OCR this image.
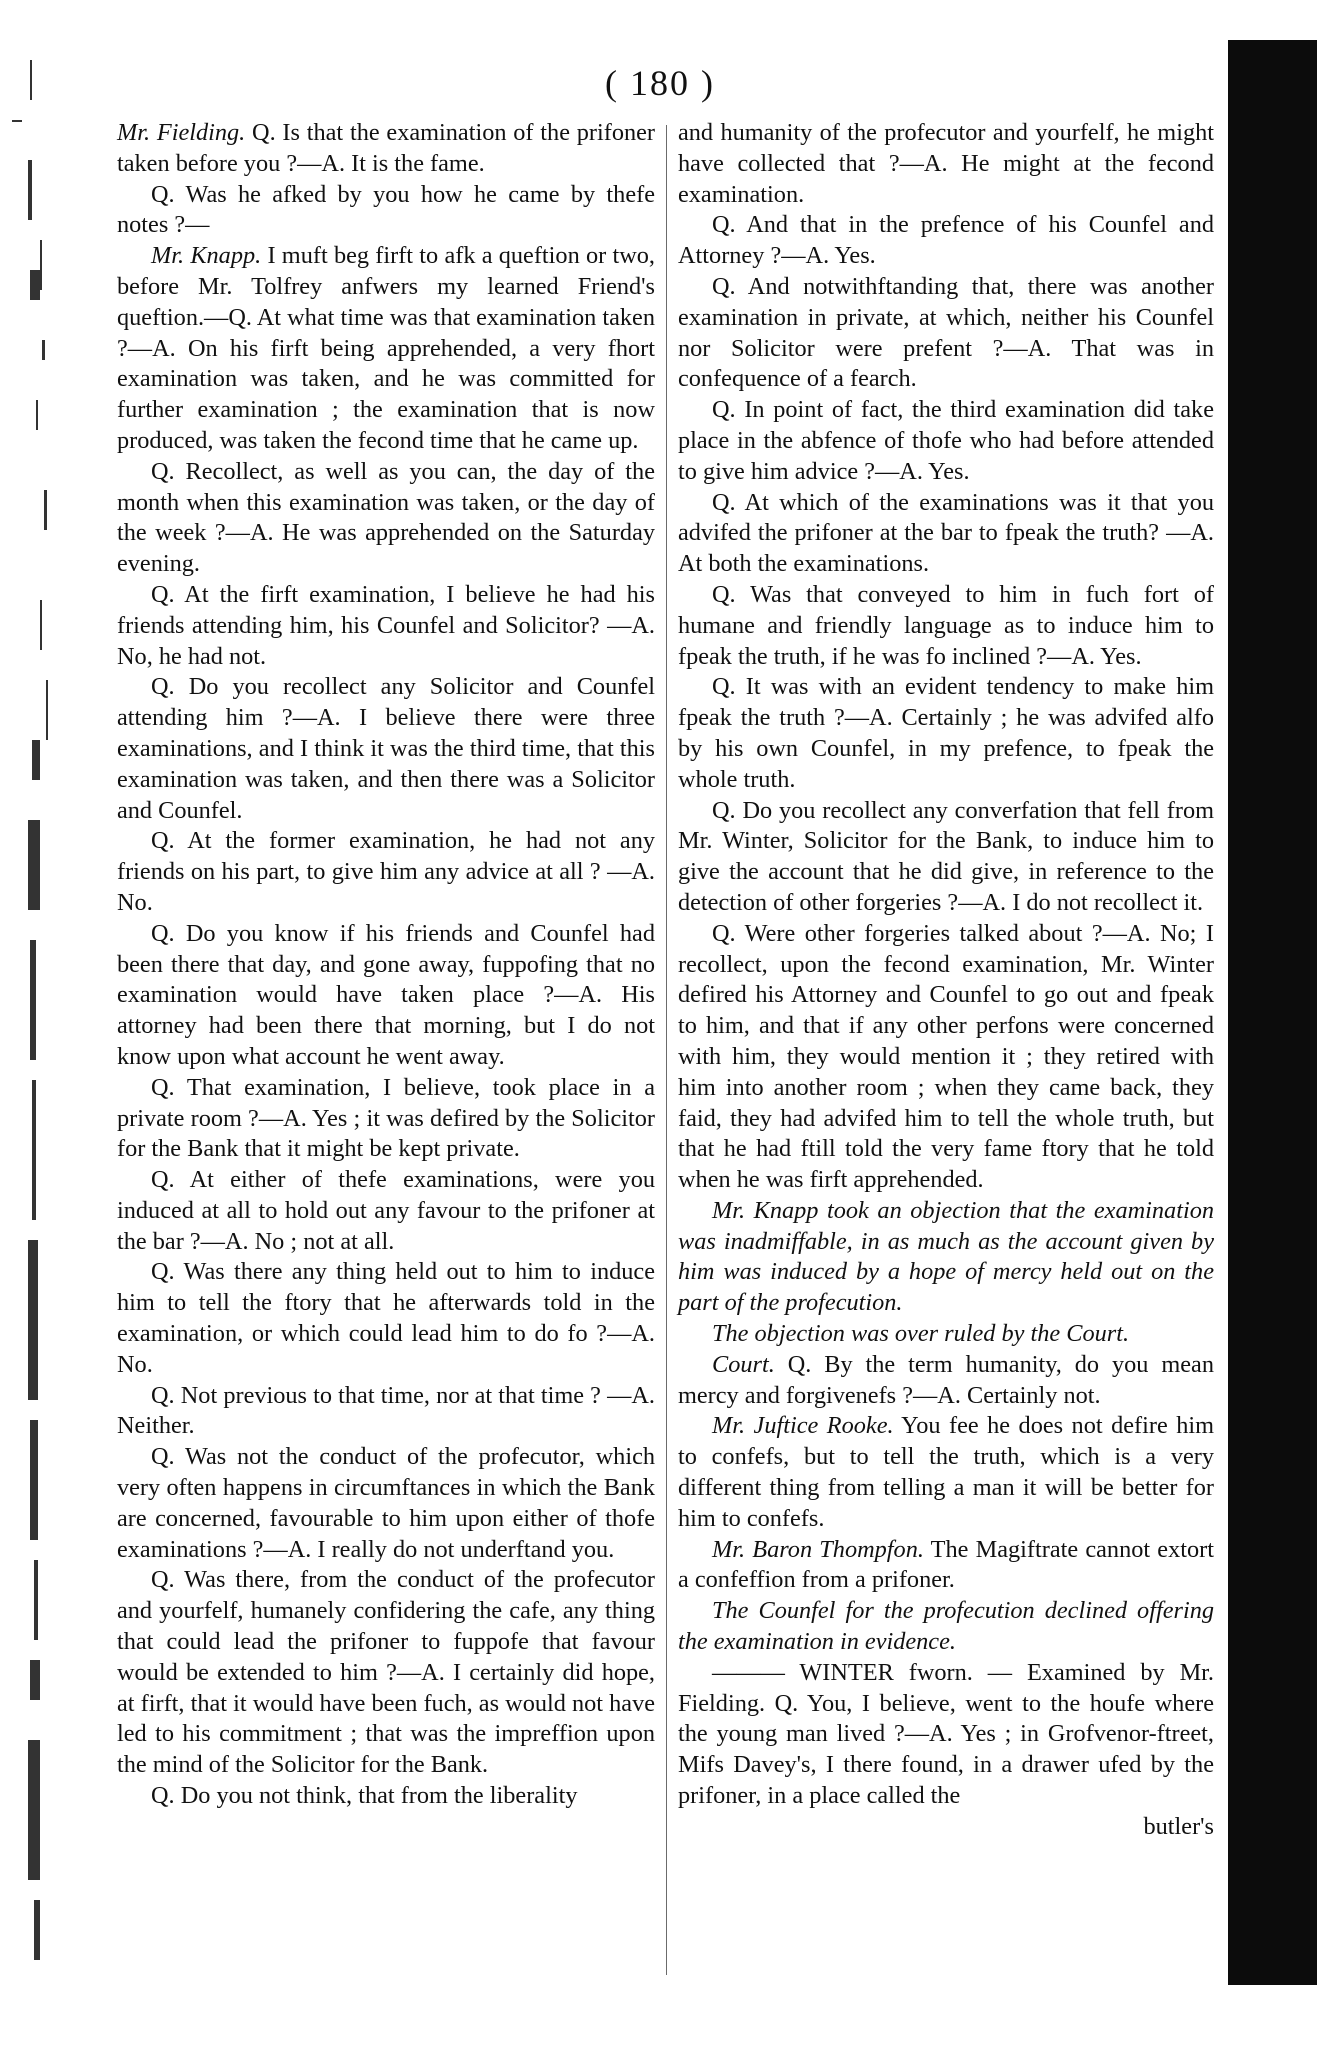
( 180 )

Mr. Fielding. Q. Is that the examination of the prifoner taken before you ?—A. It is the fame.

Q. Was he afked by you how he came by thefe notes ?—

Mr. Knapp. I muft beg firft to afk a queftion or two, before Mr. Tolfrey anfwers my learned Friend's queftion.—Q. At what time was that examination taken ?—A. On his firft being apprehended, a very fhort examination was taken, and he was committed for further examination ; the examination that is now produced, was taken the fecond time that he came up.

Q. Recollect, as well as you can, the day of the month when this examination was taken, or the day of the week ?—A. He was apprehended on the Saturday evening.

Q. At the firft examination, I believe he had his friends attending him, his Counfel and Solicitor? —A. No, he had not.

Q. Do you recollect any Solicitor and Counfel attending him ?—A. I believe there were three examinations, and I think it was the third time, that this examination was taken, and then there was a Solicitor and Counfel.

Q. At the former examination, he had not any friends on his part, to give him any advice at all ? —A. No.

Q. Do you know if his friends and Counfel had been there that day, and gone away, fuppofing that no examination would have taken place ?—A. His attorney had been there that morning, but I do not know upon what account he went away.

Q. That examination, I believe, took place in a private room ?—A. Yes ; it was defired by the Solicitor for the Bank that it might be kept private.

Q. At either of thefe examinations, were you induced at all to hold out any favour to the prifoner at the bar ?—A. No ; not at all.

Q. Was there any thing held out to him to induce him to tell the ftory that he afterwards told in the examination, or which could lead him to do fo ?—A. No.

Q. Not previous to that time, nor at that time ? —A. Neither.

Q. Was not the conduct of the profecutor, which very often happens in circumftances in which the Bank are concerned, favourable to him upon either of thofe examinations ?—A. I really do not underftand you.

Q. Was there, from the conduct of the profecutor and yourfelf, humanely confidering the cafe, any thing that could lead the prifoner to fuppofe that favour would be extended to him ?—A. I certainly did hope, at firft, that it would have been fuch, as would not have led to his commitment ; that was the impreffion upon the mind of the Solicitor for the Bank.

Q. Do you not think, that from the liberality

and humanity of the profecutor and yourfelf, he might have collected that ?—A. He might at the fecond examination.

Q. And that in the prefence of his Counfel and Attorney ?—A. Yes.

Q. And notwithftanding that, there was another examination in private, at which, neither his Counfel nor Solicitor were prefent ?—A. That was in confequence of a fearch.

Q. In point of fact, the third examination did take place in the abfence of thofe who had before attended to give him advice ?—A. Yes.

Q. At which of the examinations was it that you advifed the prifoner at the bar to fpeak the truth? —A. At both the examinations.

Q. Was that conveyed to him in fuch fort of humane and friendly language as to induce him to fpeak the truth, if he was fo inclined ?—A. Yes.

Q. It was with an evident tendency to make him fpeak the truth ?—A. Certainly ; he was advifed alfo by his own Counfel, in my prefence, to fpeak the whole truth.

Q. Do you recollect any converfation that fell from Mr. Winter, Solicitor for the Bank, to induce him to give the account that he did give, in reference to the detection of other forgeries ?—A. I do not recollect it.

Q. Were other forgeries talked about ?—A. No; I recollect, upon the fecond examination, Mr. Winter defired his Attorney and Counfel to go out and fpeak to him, and that if any other perfons were concerned with him, they would mention it ; they retired with him into another room ; when they came back, they faid, they had advifed him to tell the whole truth, but that he had ftill told the very fame ftory that he told when he was firft apprehended.

Mr. Knapp took an objection that the examination was inadmiffable, in as much as the account given by him was induced by a hope of mercy held out on the part of the profecution.

The objection was over ruled by the Court.

Court. Q. By the term humanity, do you mean mercy and forgivenefs ?—A. Certainly not.

Mr. Juftice Rooke. You fee he does not defire him to confefs, but to tell the truth, which is a very different thing from telling a man it will be better for him to confefs.

Mr. Baron Thompfon. The Magiftrate cannot extort a confeffion from a prifoner.

The Counfel for the profecution declined offering the examination in evidence.

——— WINTER fworn. — Examined by Mr. Fielding. Q. You, I believe, went to the houfe where the young man lived ?—A. Yes ; in Grofvenor-ftreet, Mifs Davey's, I there found, in a drawer ufed by the prifoner, in a place called the

butler's
